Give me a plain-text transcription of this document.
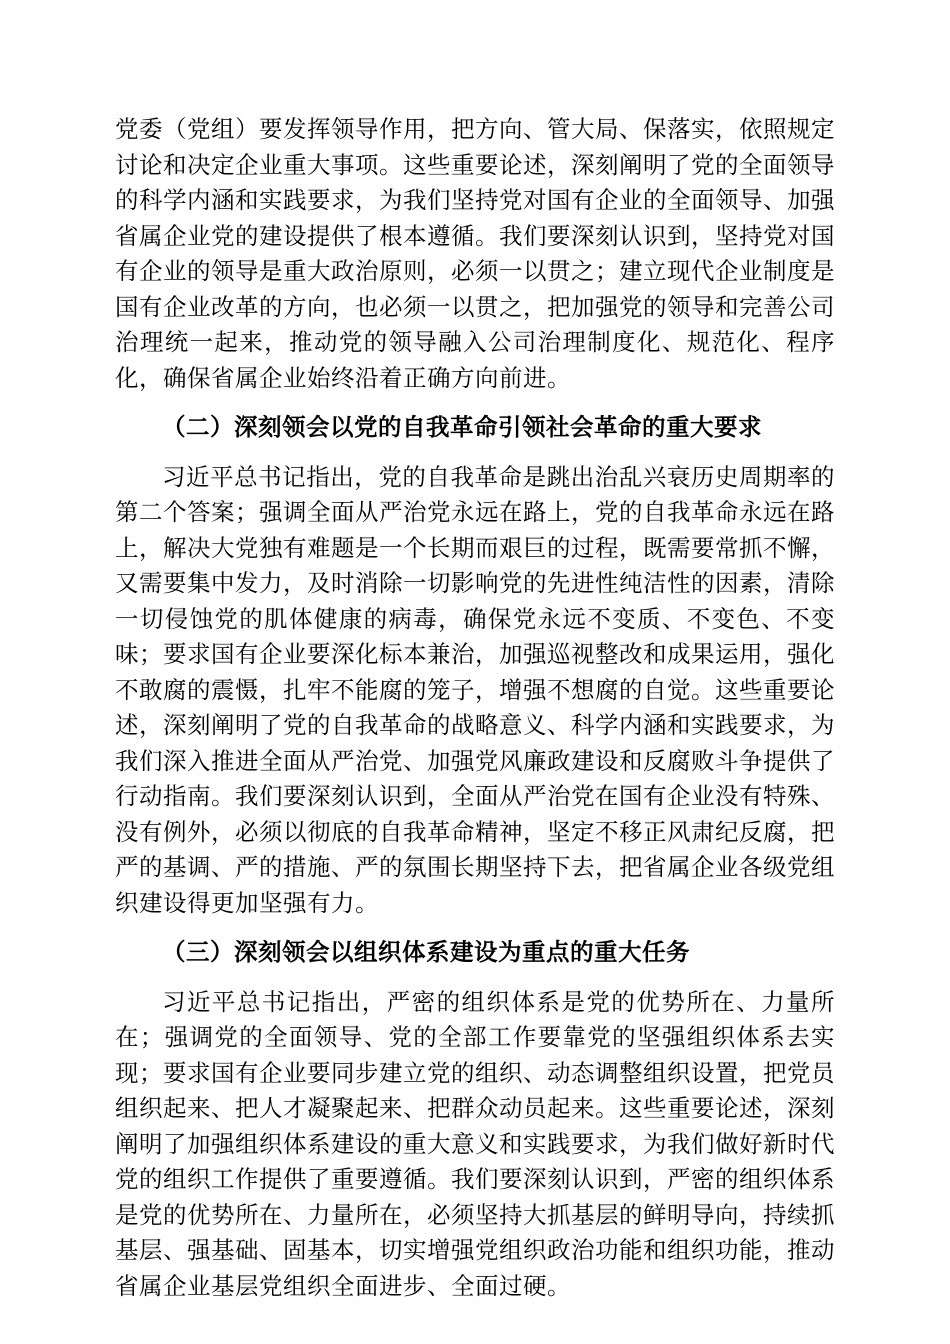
党委（党组）要发挥领导作用，把方向、管大局、保落实，依照规定讨论和决定企业重大事项。这些重要论述，深刻阐明了党的全面领导的科学内涵和实践要求，为我们坚持党对国有企业的全面领导、加强省属企业党的建设提供了根本遵循。我们要深刻认识到，坚持党对国有企业的领导是重大政治原则，必须一以贯之；建立现代企业制度是国有企业改革的方向，也必须一以贯之，把加强党的领导和完善公司治理统一起来，推动党的领导融入公司治理制度化、规范化、程序化，确保省属企业始终沿着正确方向前进。

（二）深刻领会以党的自我革命引领社会革命的重大要求

习近平总书记指出，党的自我革命是跳出治乱兴衰历史周期率的第二个答案；强调全面从严治党永远在路上，党的自我革命永远在路上，解决大党独有难题是一个长期而艰巨的过程，既需要常抓不懈，又需要集中发力，及时消除一切影响党的先进性纯洁性的因素，清除一切侵蚀党的肌体健康的病毒，确保党永远不变质、不变色、不变味；要求国有企业要深化标本兼治，加强巡视整改和成果运用，强化不敢腐的震慑，扎牢不能腐的笼子，增强不想腐的自觉。这些重要论述，深刻阐明了党的自我革命的战略意义、科学内涵和实践要求，为我们深入推进全面从严治党、加强党风廉政建设和反腐败斗争提供了行动指南。我们要深刻认识到，全面从严治党在国有企业没有特殊、没有例外，必须以彻底的自我革命精神，坚定不移正风肃纪反腐，把严的基调、严的措施、严的氛围长期坚持下去，把省属企业各级党组织建设得更加坚强有力。

（三）深刻领会以组织体系建设为重点的重大任务

习近平总书记指出，严密的组织体系是党的优势所在、力量所在；强调党的全面领导、党的全部工作要靠党的坚强组织体系去实现；要求国有企业要同步建立党的组织、动态调整组织设置，把党员组织起来、把人才凝聚起来、把群众动员起来。这些重要论述，深刻阐明了加强组织体系建设的重大意义和实践要求，为我们做好新时代党的组织工作提供了重要遵循。我们要深刻认识到，严密的组织体系是党的优势所在、力量所在，必须坚持大抓基层的鲜明导向，持续抓基层、强基础、固基本，切实增强党组织政治功能和组织功能，推动省属企业基层党组织全面进步、全面过硬。
